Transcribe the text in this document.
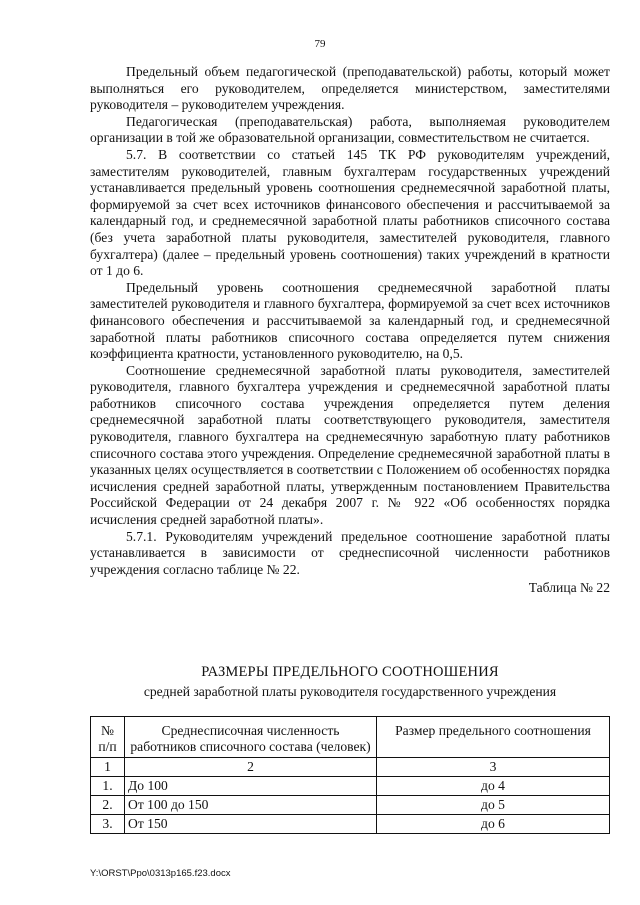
79

Предельный объем педагогической (преподавательской) работы, который может выполняться его руководителем, определяется министерством, заместителями руководителя – руководителем учреждения.

Педагогическая (преподавательская) работа, выполняемая руководителем организации в той же образовательной организации, совместительством не считается.

5.7. В соответствии со статьей 145 ТК РФ руководителям учреждений, заместителям руководителей, главным бухгалтерам государственных учреждений устанавливается предельный уровень соотношения среднемесячной заработной платы, формируемой за счет всех источников финансового обеспечения и рассчитываемой за календарный год, и среднемесячной заработной платы работников списочного состава (без учета заработной платы руководителя, заместителей руководителя, главного бухгалтера) (далее – предельный уровень соотношения) таких учреждений в кратности от 1 до 6.

Предельный уровень соотношения среднемесячной заработной платы заместителей руководителя и главного бухгалтера, формируемой за счет всех источников финансового обеспечения и рассчитываемой за календарный год, и среднемесячной заработной платы работников списочного состава определяется путем снижения коэффициента кратности, установленного руководителю, на 0,5.

Соотношение среднемесячной заработной платы руководителя, заместителей руководителя, главного бухгалтера учреждения и среднемесячной заработной платы работников списочного состава учреждения определяется путем деления среднемесячной заработной платы соответствующего руководителя, заместителя руководителя, главного бухгалтера на среднемесячную заработную плату работников списочного состава этого учреждения. Определение среднемесячной заработной платы в указанных целях осуществляется в соответствии с Положением об особенностях порядка исчисления средней заработной платы, утвержденным постановлением Правительства Российской Федерации от 24 декабря 2007 г. № 922 «Об особенностях порядка исчисления средней заработной платы».

5.7.1. Руководителям учреждений предельное соотношение заработной платы устанавливается в зависимости от среднесписочной численности работников учреждения согласно таблице № 22.

Таблица № 22
РАЗМЕРЫ ПРЕДЕЛЬНОГО СООТНОШЕНИЯ
средней заработной платы руководителя государственного учреждения
№ п/п	Среднесписочная численность работников списочного состава (человек)	Размер предельного соотношения
1	2	3
1.	До 100	до 4
2.	От 100 до 150	до 5
3.	От 150	до 6
Y:\ORST\Ppo\0313p165.f23.docx
